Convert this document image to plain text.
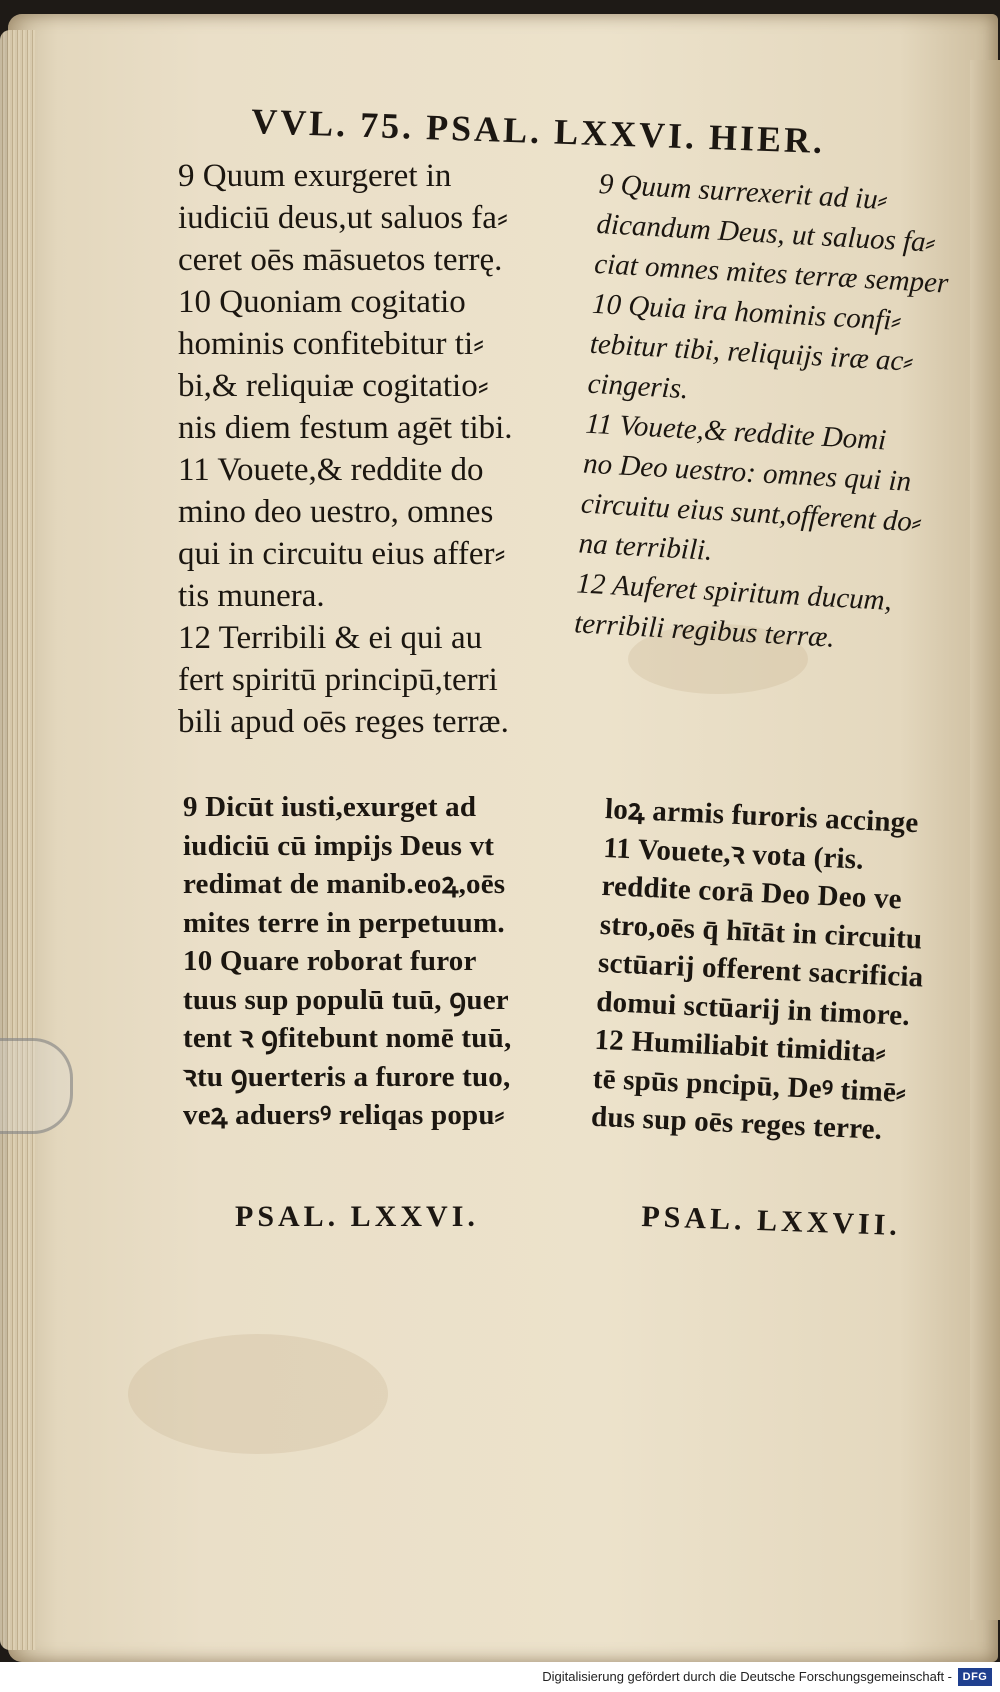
VVL. 75. PSAL. LXXVI. HIER.
9 Quum exurgeret in
iudiciū deus,ut saluos fa⸗
ceret oēs māsuetos terrę.
10 Quoniam cogitatio
hominis confitebitur ti⸗
bi,& reliquiæ cogitatio⸗
nis diem festum agēt tibi.
11 Vouete,& reddite do
mino deo uestro, omnes
qui in circuitu eius affer⸗
tis munera.
12 Terribili & ei qui au
fert spiritū principū,terri
bili apud oēs reges terræ.
9 Quum surrexerit ad iu⸗
dicandum Deus, ut saluos fa⸗
ciat omnes mites terræ semper
10 Quia ira hominis confi⸗
tebitur tibi, reliquijs iræ ac⸗
cingeris.
11 Vouete,& reddite Domi
no Deo uestro: omnes qui in
circuitu eius sunt,offerent do⸗
na terribili.
12 Auferet spiritum ducum,
terribili regibus terræ.
9 Dicūt iusti,exurget ad
iudiciū cū impijs Deus vt
redimat de manib.eoꝝ,oēs
mites terre in perpetuum.
10 Quare roborat furor
tuus sup populū tuū, ꝯuer
tent ꝛ ꝯfitebunt nomē tuū,
ꝛtu ꝯuerteris a furore tuo,
veꝝ aduersꝰ reliqas popu⸗
loꝝ armis furoris accinge
11 Vouete,ꝛ vota (ris.
reddite corā Deo Deo ve
stro,oēs q̄ hītāt in circuitu
sctūarij offerent sacrificia
domui sctūarij in timore.
12 Humiliabit timidita⸗
tē spūs pncipū, Deꝰ timē⸗
dus sup oēs reges terre.
PSAL. LXXVI.	PSAL. LXXVII.
Digitalisierung gefördert durch die Deutsche Forschungsgemeinschaft - DFG
